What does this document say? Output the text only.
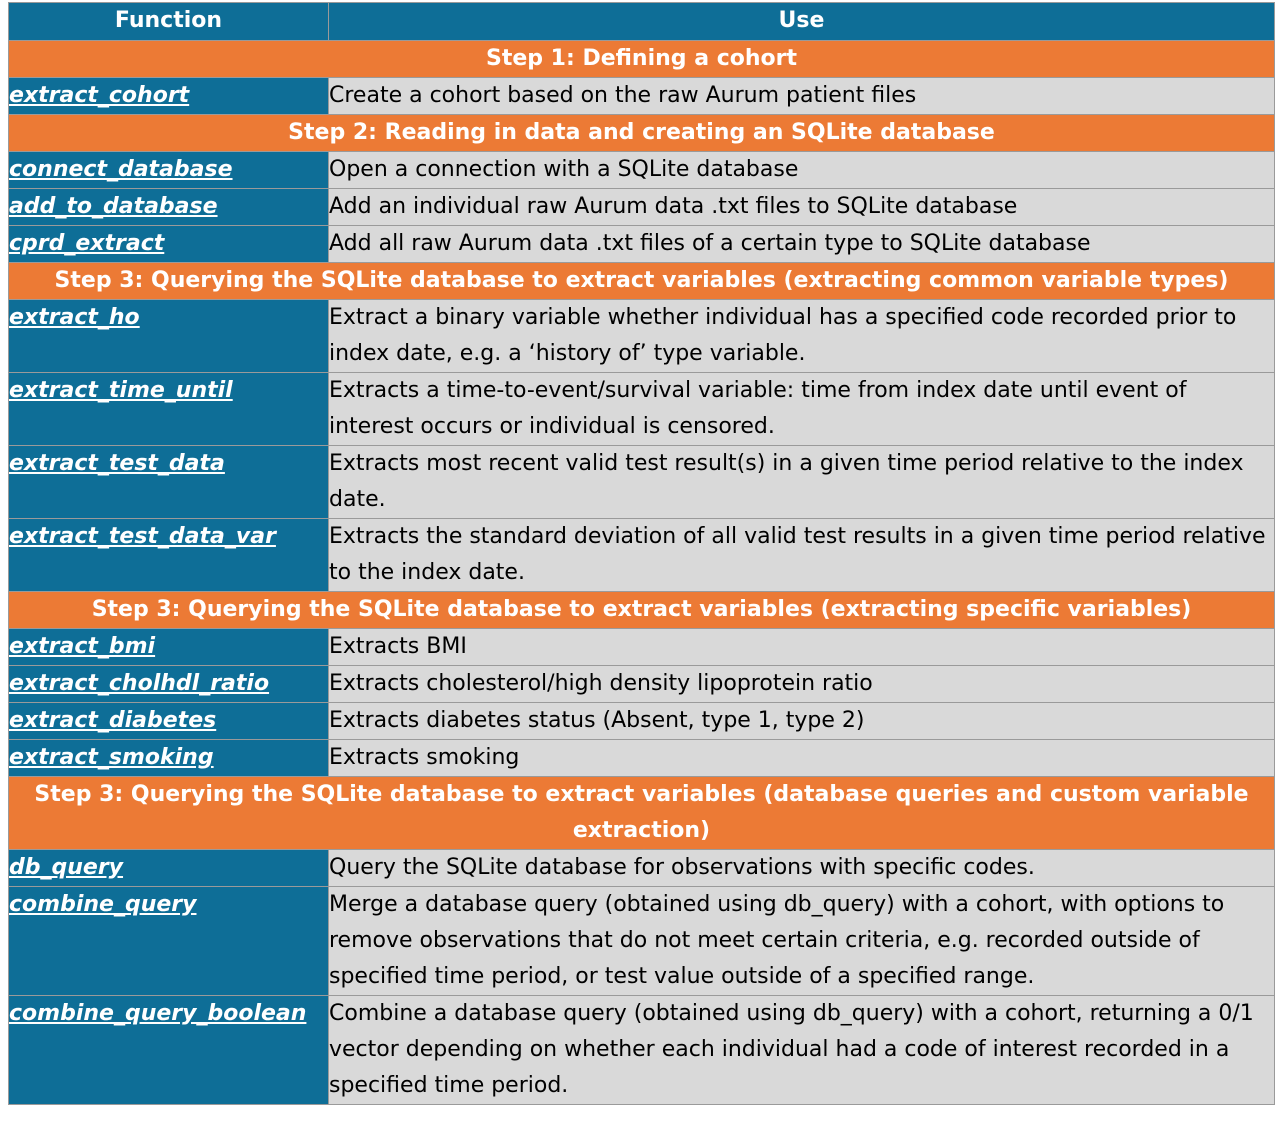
Function	Use
Step 1: Defining a cohort	

extract_cohort	Create a cohort based on the raw Aurum patient files
Step 2: Reading in data and creating an SQLite database	

connect_database	Open a connection with a SQLite database

add_to_database	Add an individual raw Aurum data .txt files to SQLite database

cprd_extract	Add all raw Aurum data .txt files of a certain type to SQLite database
Step 3: Querying the SQLite database to extract variables (extracting common variable types)	

extract_ho	Extract a binary variable whether individual has a specified code recorded prior to index date, e.g. a ‘history of’ type variable.

extract_time_until	Extracts a time-to-event/survival variable: time from index date until event of interest occurs or individual is censored.

extract_test_data	Extracts most recent valid test result(s) in a given time period relative to the index date.

extract_test_data_var	Extracts the standard deviation of all valid test results in a given time period relative to the index date.
Step 3: Querying the SQLite database to extract variables (extracting specific variables)	

extract_bmi	Extracts BMI

extract_cholhdl_ratio	Extracts cholesterol/high density lipoprotein ratio

extract_diabetes	Extracts diabetes status (Absent, type 1, type 2)

extract_smoking	Extracts smoking
Step 3: Querying the SQLite database to extract variables (database queries and custom variable extraction)	

db_query	Query the SQLite database for observations with specific codes.

combine_query	Merge a database query (obtained using db_query) with a cohort, with options to remove observations that do not meet certain criteria, e.g. recorded outside of specified time period, or test value outside of a specified range.

combine_query_boolean	Combine a database query (obtained using db_query) with a cohort, returning a 0/1 vector depending on whether each individual had a code of interest recorded in a specified time period.
